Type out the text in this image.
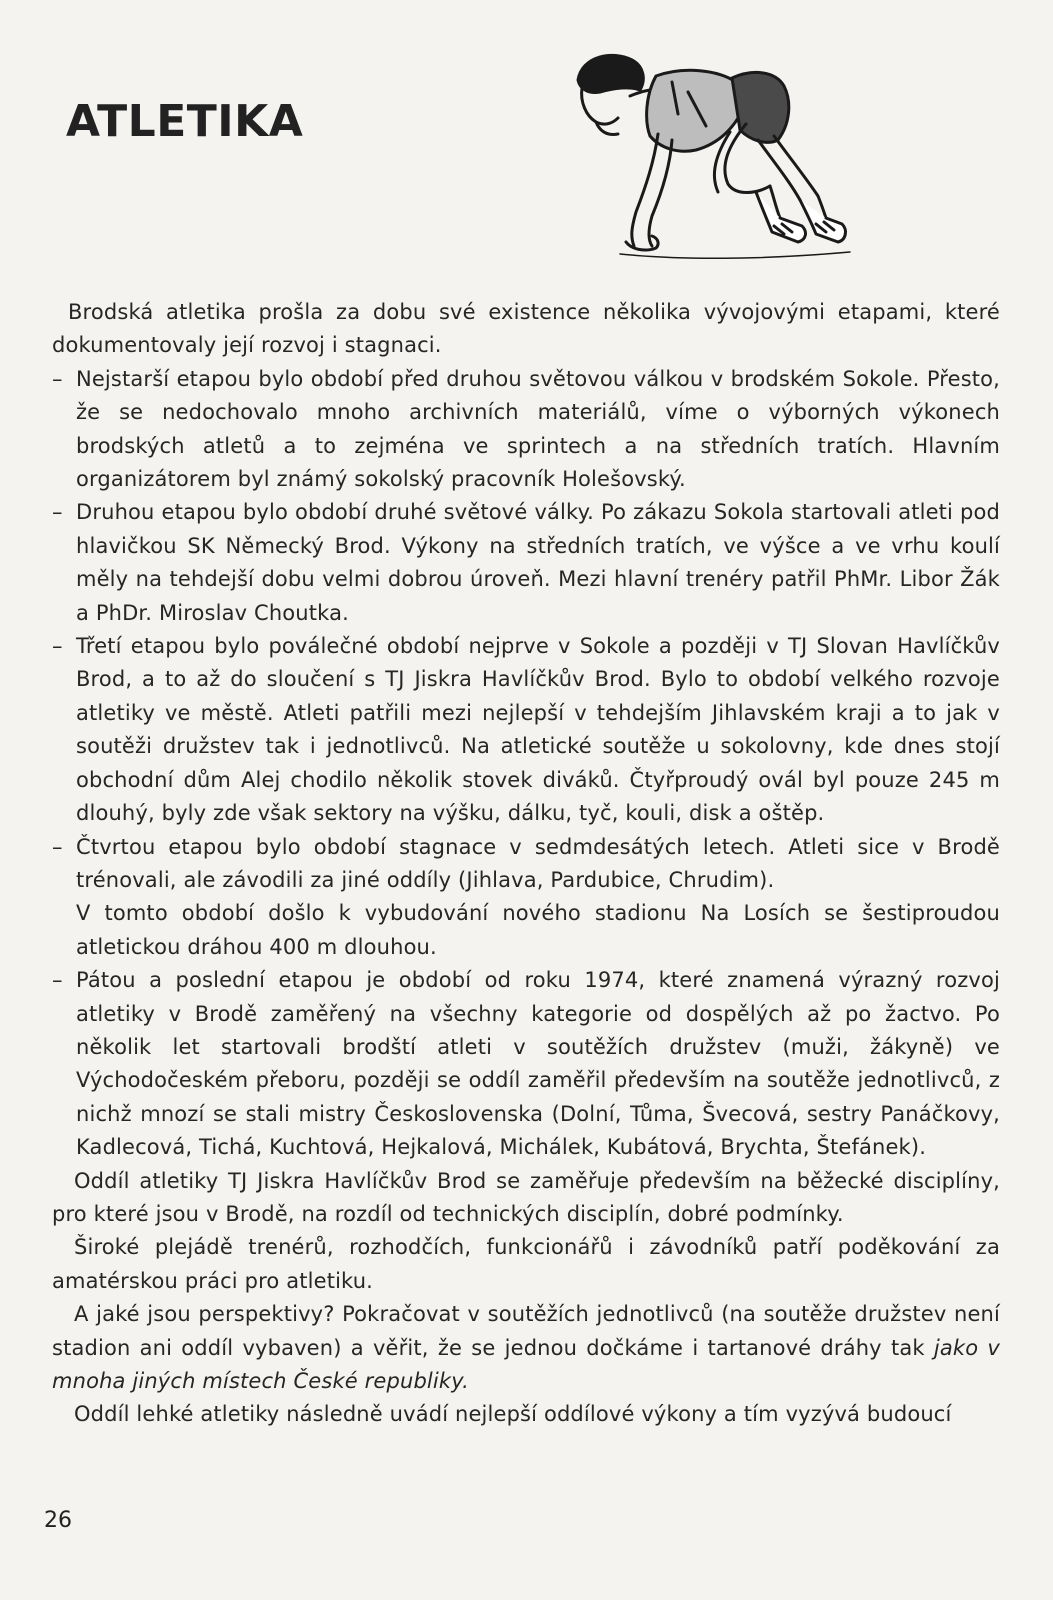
ATLETIKA

Brodská atletika prošla za dobu své existence několika vývojovými etapami, které dokumentovaly její rozvoj i stagnaci.

– Nejstarší etapou bylo období před druhou světovou válkou v brodském Sokole. Přesto, že se nedochovalo mnoho archivních materiálů, víme o výborných výkonech brodských atletů a to zejména ve sprintech a na středních tratích. Hlavním organizátorem byl známý sokolský pracovník Holešovský.
– Druhou etapou bylo období druhé světové války. Po zákazu Sokola startovali atleti pod hlavičkou SK Německý Brod. Výkony na středních tratích, ve výšce a ve vrhu koulí měly na tehdejší dobu velmi dobrou úroveň. Mezi hlavní trenéry patřil PhMr. Libor Žák a PhDr. Miroslav Choutka.
– Třetí etapou bylo poválečné období nejprve v Sokole a později v TJ Slovan Havlíčkův Brod, a to až do sloučení s TJ Jiskra Havlíčkův Brod. Bylo to období velkého rozvoje atletiky ve městě. Atleti patřili mezi nejlepší v tehdejším Jihlavském kraji a to jak v soutěži družstev tak i jednotlivců. Na atletické soutěže u sokolovny, kde dnes stojí obchodní dům Alej chodilo několik stovek diváků. Čtyřproudý ovál byl pouze 245 m dlouhý, byly zde však sektory na výšku, dálku, tyč, kouli, disk a oštěp.
– Čtvrtou etapou bylo období stagnace v sedmdesátých letech. Atleti sice v Brodě trénovali, ale závodili za jiné oddíly (Jihlava, Pardubice, Chrudim).

V tomto období došlo k vybudování nového stadionu Na Losích se šestiproudou atletickou dráhou 400 m dlouhou.

– Pátou a poslední etapou je období od roku 1974, které znamená výrazný rozvoj atletiky v Brodě zaměřený na všechny kategorie od dospělých až po žactvo. Po několik let startovali brodští atleti v soutěžích družstev (muži, žákyně) ve Východočeském přeboru, později se oddíl zaměřil především na soutěže jednotlivců, z nichž mnozí se stali mistry Československa (Dolní, Tůma, Švecová, sestry Panáčkovy, Kadlecová, Tichá, Kuchtová, Hejkalová, Michálek, Kubátová, Brychta, Štefánek).

Oddíl atletiky TJ Jiskra Havlíčkův Brod se zaměřuje především na běžecké disciplíny, pro které jsou v Brodě, na rozdíl od technických disciplín, dobré podmínky.

Široké plejádě trenérů, rozhodčích, funkcionářů i závodníků patří poděkování za amatérskou práci pro atletiku.

A jaké jsou perspektivy? Pokračovat v soutěžích jednotlivců (na soutěže družstev není stadion ani oddíl vybaven) a věřit, že se jednou dočkáme i tartanové dráhy tak jako v mnoha jiných místech České republiky.

Oddíl lehké atletiky následně uvádí nejlepší oddílové výkony a tím vyzývá budoucí

26
